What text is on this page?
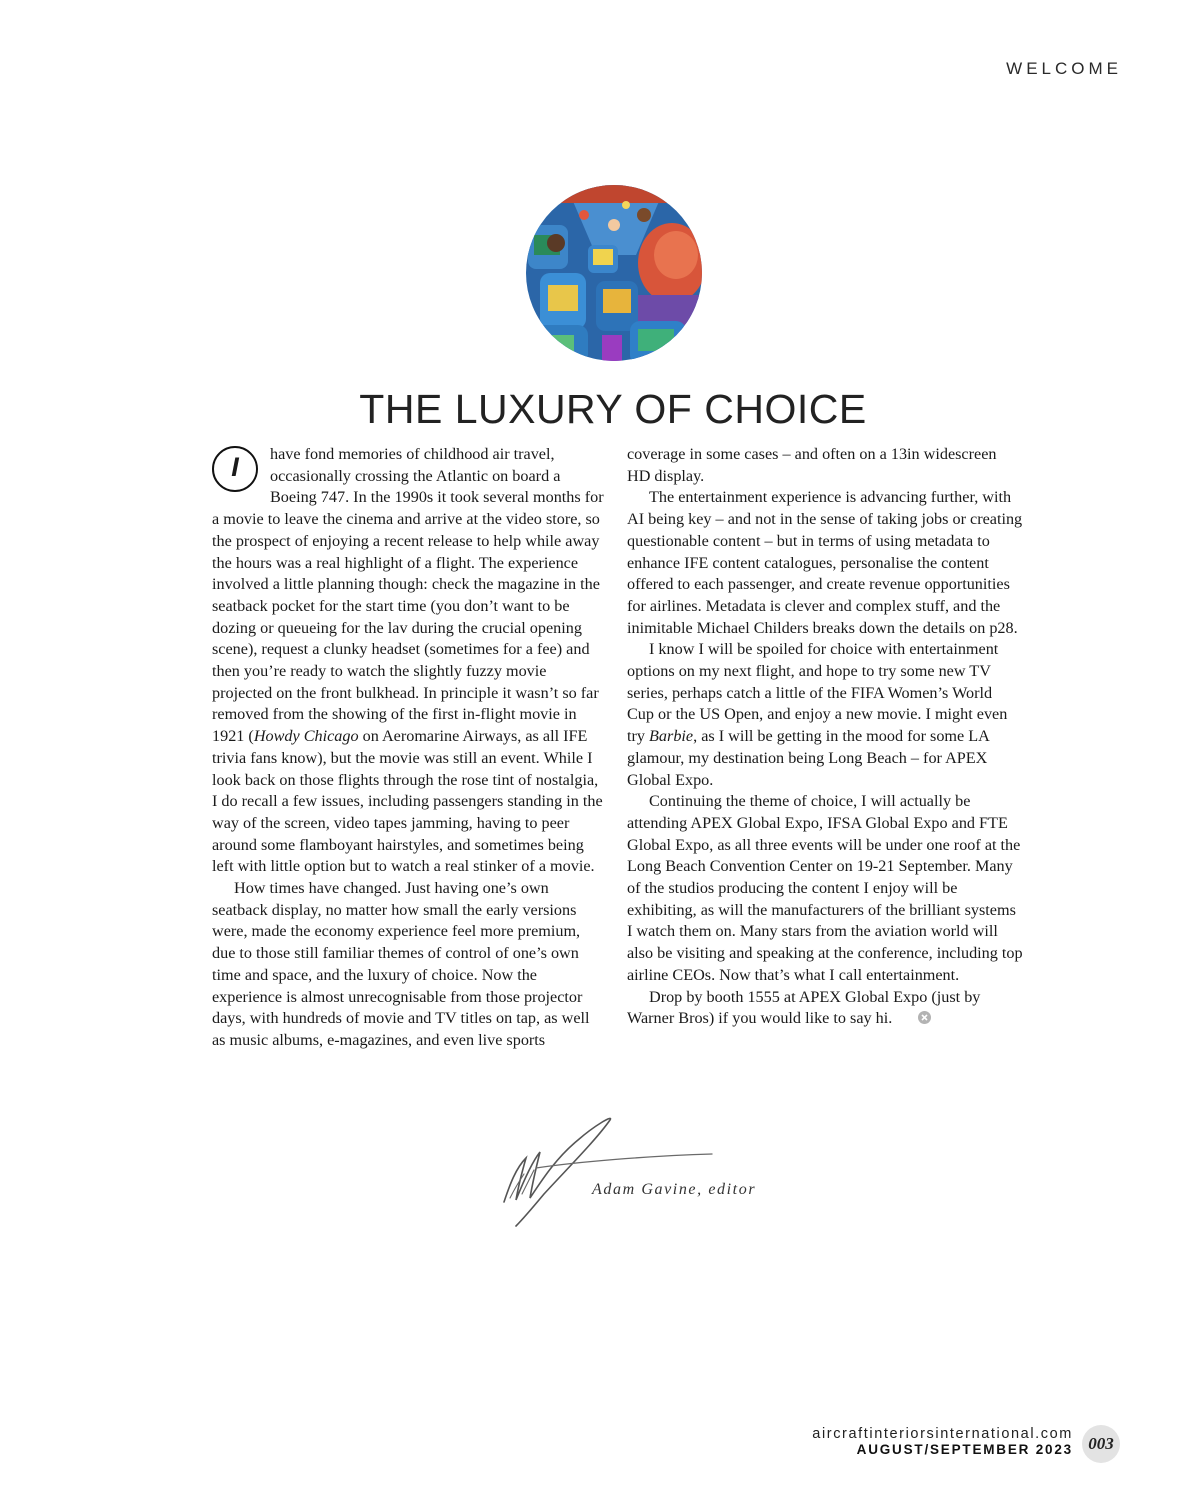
WELCOME
THE LUXURY OF CHOICE

I	have fond memories of childhood air travel, occasionally crossing the Atlantic on board a Boeing 747. In the 1990s it took several months for a movie to leave the cinema and arrive at the video store, so the prospect of enjoying a recent release to help while away the hours was a real highlight of a flight. The experience involved a little planning though: check the magazine in the seatback pocket for the start time (you don’t want to be dozing or queueing for the lav during the crucial opening scene), request a clunky headset (sometimes for a fee) and then you’re ready to watch the slightly fuzzy movie projected on the front bulkhead. In principle it wasn’t so far removed from the showing of the first in-flight movie in 1921 (Howdy Chicago on Aeromarine Airways, as all IFE trivia fans know), but the movie was still an event. While I look back on those flights through the rose tint of nostalgia, I do recall a few issues, including passengers standing in the way of the screen, video tapes jamming, having to peer around some flamboyant hairstyles, and sometimes being left with little option but to watch a real stinker of a movie.

How times have changed. Just having one’s own seatback display, no matter how small the early versions were, made the economy experience feel more premium, due to those still familiar themes of control of one’s own time and space, and the luxury of choice. Now the experience is almost unrecognisable from those projector days, with hundreds of movie and TV titles on tap, as well as music albums, e-magazines, and even live sports

coverage in some cases – and often on a 13in widescreen HD display.

The entertainment experience is advancing further, with AI being key – and not in the sense of taking jobs or creating questionable content – but in terms of using metadata to enhance IFE content catalogues, personalise the content offered to each passenger, and create revenue opportunities for airlines. Metadata is clever and complex stuff, and the inimitable Michael Childers breaks down the details on p28.

I know I will be spoiled for choice with entertainment options on my next flight, and hope to try some new TV series, perhaps catch a little of the FIFA Women’s World Cup or the US Open, and enjoy a new movie. I might even try Barbie, as I will be getting in the mood for some LA glamour, my destination being Long Beach – for APEX Global Expo.

Continuing the theme of choice, I will actually be attending APEX Global Expo, IFSA Global Expo and FTE Global Expo, as all three events will be under one roof at the Long Beach Convention Center on 19-21 September. Many of the studios producing the content I enjoy will be exhibiting, as will the manufacturers of the brilliant systems I watch them on. Many stars from the aviation world will also be visiting and speaking at the conference, including top airline CEOs. Now that’s what I call entertainment.

Drop by booth 1555 at APEX Global Expo (just by Warner Bros) if you would like to say hi.

Adam Gavine, editor
aircraftinteriorsinternational.com
AUGUST/SEPTEMBER 2023 003
